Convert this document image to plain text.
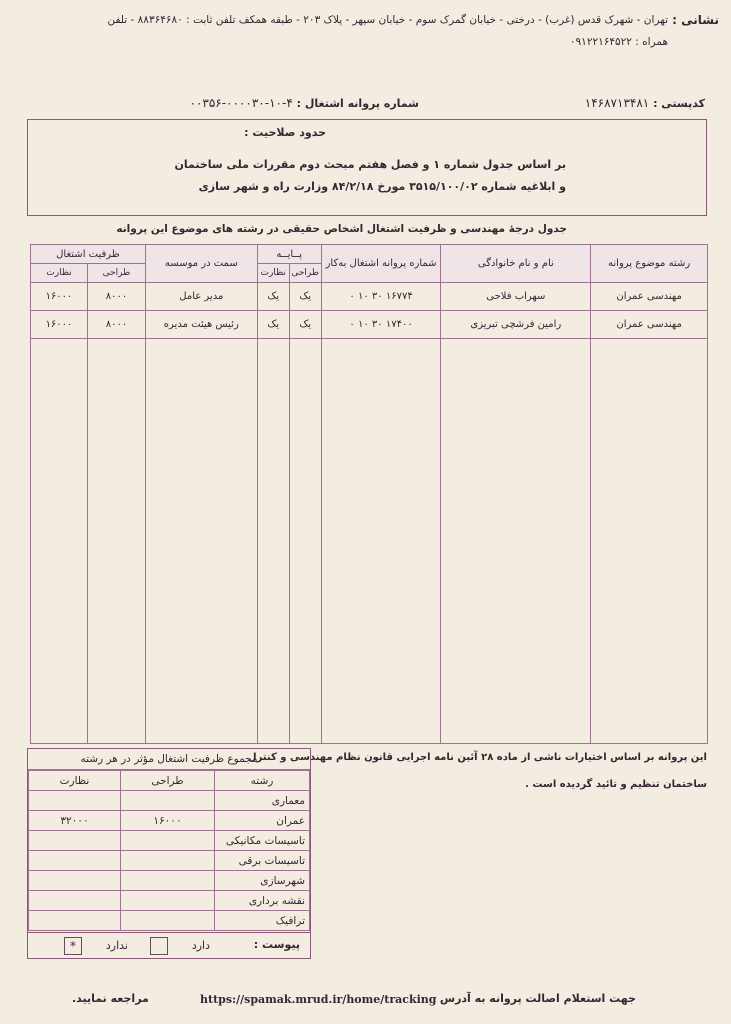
نشانی :
تهران - شهرک قدس (غرب) - درختی - خیابان گمرک سوم - خیابان سپهر - پلاک ۲۰۳ - طبقه همکف تلفن ثابت : ۸۸۳۶۴۶۸۰ - تلفن
همراه : ۰۹۱۲۲۱۶۴۵۲۲
کدپستی : ۱۴۶۸۷۱۳۴۸۱
شماره پروانه اشتغال : ۴-۱۰-۰۰۰۰۳۰-۰۰۳۵۶
حدود صلاحیت :
بر اساس جدول شماره ۱ و فصل هفتم مبحث دوم مقررات ملی ساختمان
و ابلاغیه شماره ۳۵۱۵/۱۰۰/۰۲ مورخ ۸۴/۲/۱۸ وزارت راه و شهر سازی
جدول درجهٔ مهندسی و ظرفیت اشتغال اشخاص حقیقی در رشته های موضوع این پروانه
رشته موضوع پروانه	نام و نام خانوادگی	شماره پروانه اشتغال به‌کار	پــایــه		سمت در موسسه	ظرفیت اشتغال	
			طراحی	نظارت		طراحی	نظارت
مهندسی عمران	سهراب فلاحی	۱۶۷۷۴ ۳۰ ۱۰ ۰	یک	یک	مدیر عامل	۸۰۰۰	۱۶۰۰۰
مهندسی عمران	رامین فرشچی تبریزی	۱۷۴۰۰ ۳۰ ۱۰ ۰	یک	یک	رئیس هیئت مدیره	۸۰۰۰	۱۶۰۰۰

این پروانه بر اساس اختیارات ناشی از ماده ۲۸ آئین نامه اجرایی قانون نظام مهندسی و کنترل
ساختمان تنظیم و تائید گردیده است .
مجموع ظرفیت اشتغال مؤثر در هر رشته
رشته	طراحی	نظارت
معماری		
عمران	۱۶۰۰۰	۳۲۰۰۰
تاسیسات مکانیکی		
تاسیسات برقی		
شهرسازی		
نقشه برداری		
ترافیک		
پیوست :
دارد
ندارد
*
جهت استعلام اصالت پروانه به آدرس
https://spamak.mrud.ir/home/tracking
مراجعه نمایید.
